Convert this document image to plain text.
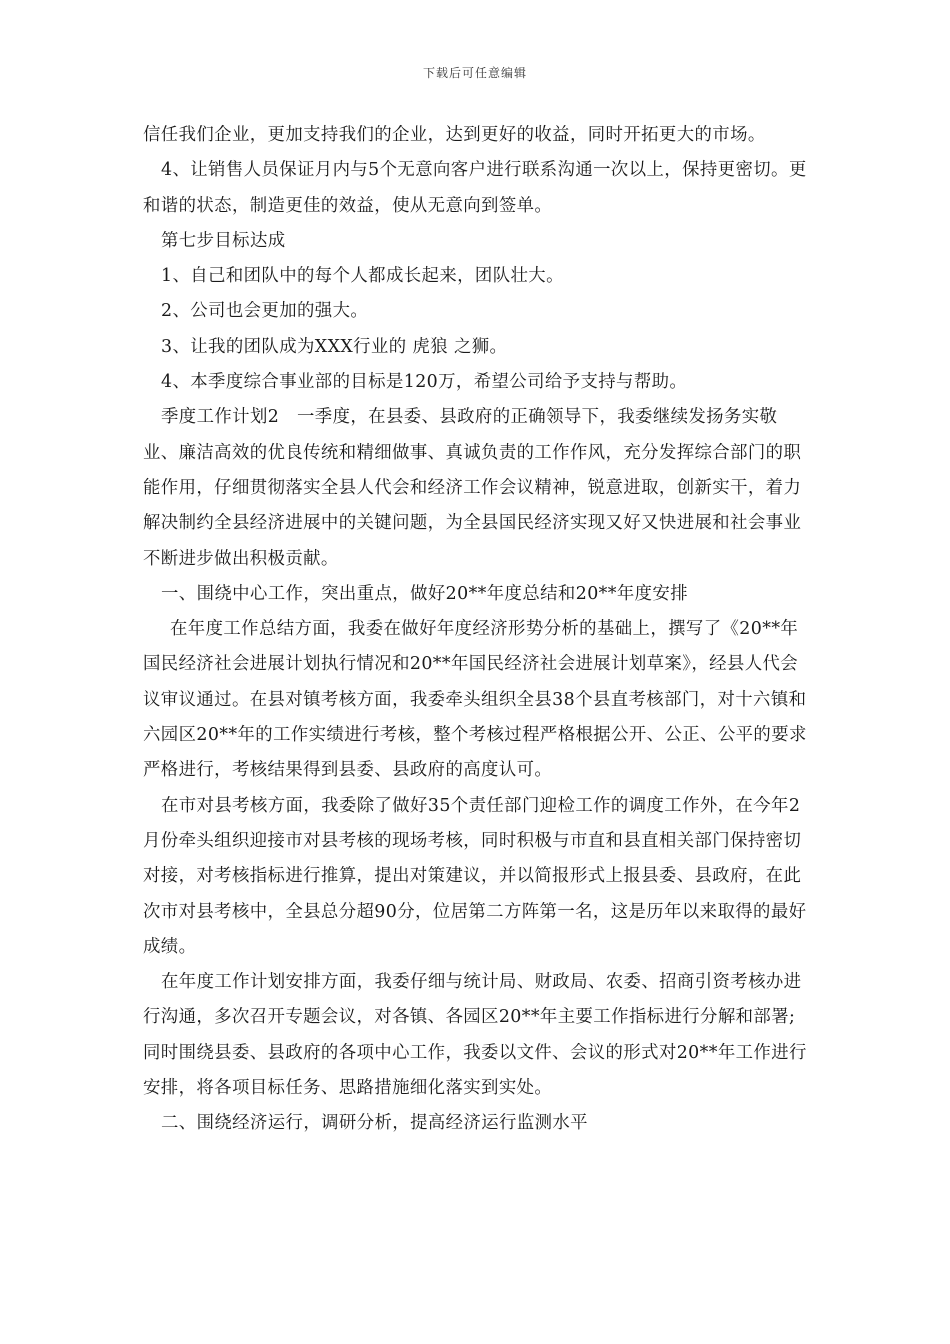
下载后可任意编辑

信任我们企业，更加支持我们的企业，达到更好的收益，同时开拓更大的市场。

4、让销售人员保证月内与5个无意向客户进行联系沟通一次以上，保持更密切。更和谐的状态，制造更佳的效益，使从无意向到签单。

第七步目标达成

1、自己和团队中的每个人都成长起来，团队壮大。

2、公司也会更加的强大。

3、让我的团队成为XXX行业的 虎狼 之狮。

4、本季度综合事业部的目标是120万，希望公司给予支持与帮助。

季度工作计划2　一季度，在县委、县政府的正确领导下，我委继续发扬务实敬业、廉洁高效的优良传统和精细做事、真诚负责的工作作风，充分发挥综合部门的职能作用，仔细贯彻落实全县人代会和经济工作会议精神，锐意进取，创新实干，着力解决制约全县经济进展中的关键问题，为全县国民经济实现又好又快进展和社会事业不断进步做出积极贡献。

一、围绕中心工作，突出重点，做好20**年度总结和20**年度安排

在年度工作总结方面，我委在做好年度经济形势分析的基础上，撰写了《20**年国民经济社会进展计划执行情况和20**年国民经济社会进展计划草案》，经县人代会议审议通过。在县对镇考核方面，我委牵头组织全县38个县直考核部门，对十六镇和六园区20**年的工作实绩进行考核，整个考核过程严格根据公开、公正、公平的要求严格进行，考核结果得到县委、县政府的高度认可。

在市对县考核方面，我委除了做好35个责任部门迎检工作的调度工作外，在今年2月份牵头组织迎接市对县考核的现场考核，同时积极与市直和县直相关部门保持密切对接，对考核指标进行推算，提出对策建议，并以简报形式上报县委、县政府，在此次市对县考核中，全县总分超90分，位居第二方阵第一名，这是历年以来取得的最好成绩。

在年度工作计划安排方面，我委仔细与统计局、财政局、农委、招商引资考核办进行沟通，多次召开专题会议，对各镇、各园区20**年主要工作指标进行分解和部署;同时围绕县委、县政府的各项中心工作，我委以文件、会议的形式对20**年工作进行安排，将各项目标任务、思路措施细化落实到实处。

二、围绕经济运行，调研分析，提高经济运行监测水平
